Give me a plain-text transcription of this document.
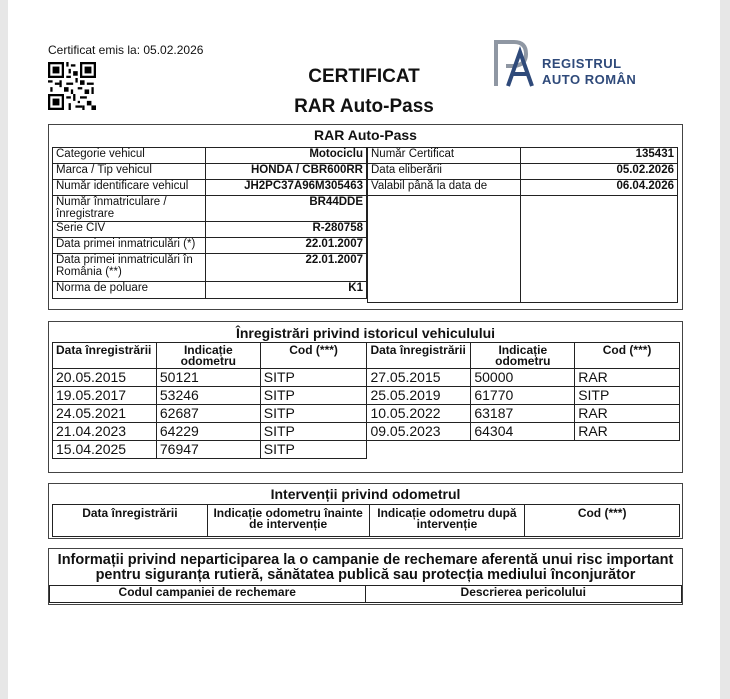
Certificat emis la: 05.02.2026
CERTIFICAT
RAR Auto-Pass
REGISTRUL
AUTO ROMÂN
RAR Auto-Pass
Categorie vehicul	Motociclu
Marca / Tip vehicul	HONDA / CBR600RR
Număr identificare vehicul	JH2PC37A96M305463
Număr înmatriculare / înregistrare	BR44DDE
Serie CIV	R-280758
Data primei inmatriculări (*)	22.01.2007
Data primei inmatriculări în România (**)	22.01.2007
Norma de poluare	K1
Număr Certificat	135431
Data eliberării	05.02.2026
Valabil până la data de	06.04.2026

Înregistrări privind istoricul vehiculului
Data înregistrării	Indicație odometru	Cod (***)	Data înregistrării	Indicație odometru	Cod (***)
20.05.2015	50121	SITP	27.05.2015	50000	RAR
19.05.2017	53246	SITP	25.05.2019	61770	SITP
24.05.2021	62687	SITP	10.05.2022	63187	RAR
21.04.2023	64229	SITP	09.05.2023	64304	RAR
15.04.2025	76947	SITP			
Intervenții privind odometrul
Data înregistrării	Indicație odometru înainte de intervenție	Indicație odometru după intervenție	Cod (***)
Informații privind neparticiparea la o campanie de rechemare aferentă unui risc important pentru siguranța rutieră, sănătatea publică sau protecția mediului înconjurător
Codul campaniei de rechemare	Descrierea pericolului
